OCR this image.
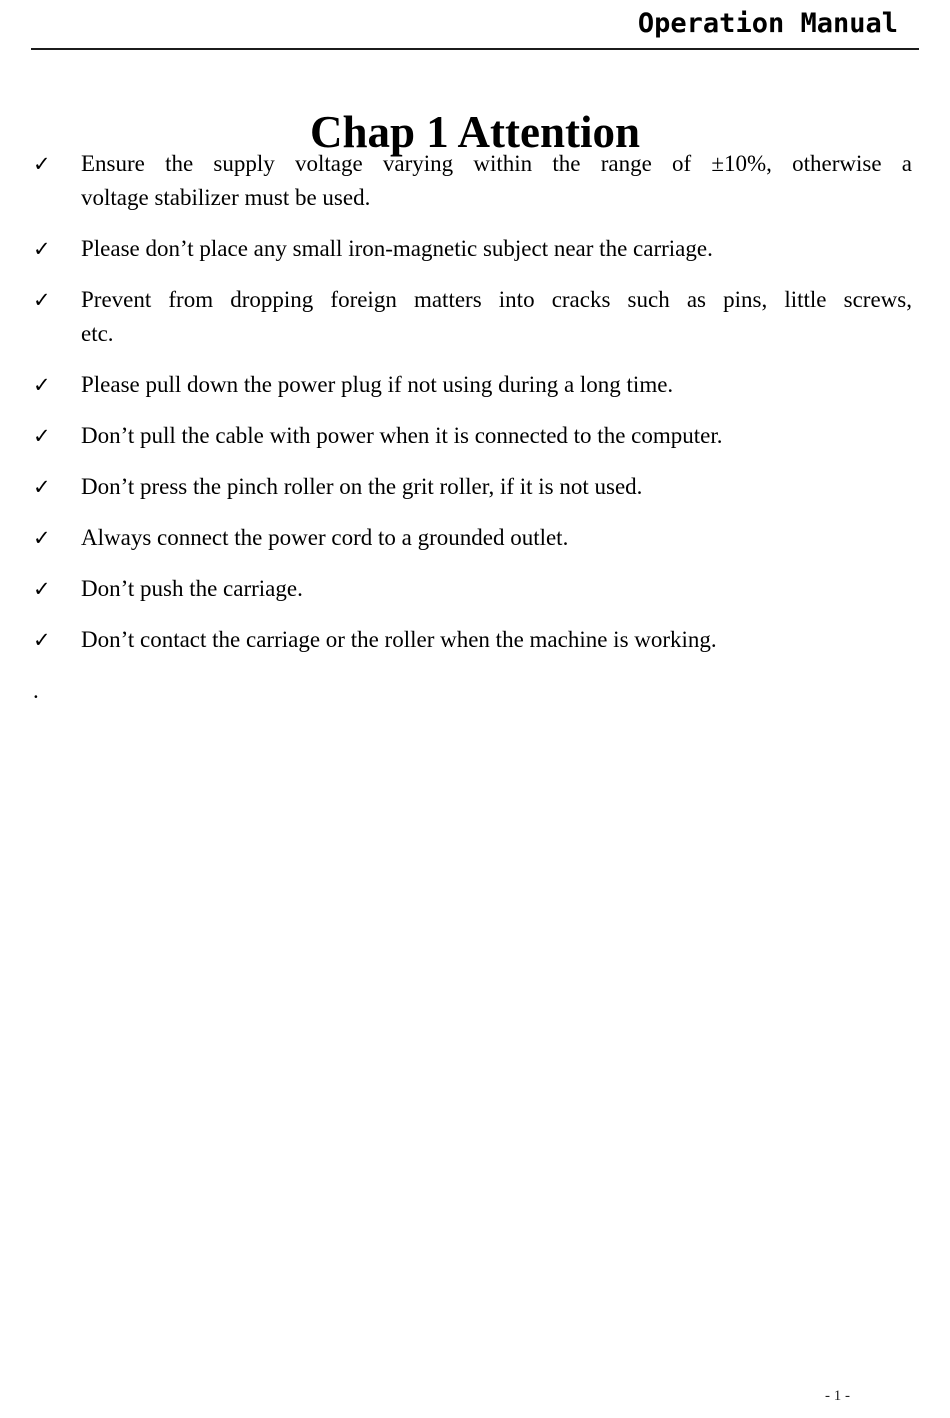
Operation Manual
Chap 1 Attention
✓	Ensure the supply voltage varying within the range of ±10%, otherwise a
voltage stabilizer must be used.
✓	Please don’t place any small iron-magnetic subject near the carriage.
✓	Prevent from dropping foreign matters into cracks such as pins, little screws,
etc.
✓	Please pull down the power plug if not using during a long time.
✓	Don’t pull the cable with power when it is connected to the computer.
✓	Don’t press the pinch roller on the grit roller, if it is not used.
✓	Always connect the power cord to a grounded outlet.
✓	Don’t push the carriage.
✓	Don’t contact the carriage or the roller when the machine is working.
.
- 1 -
